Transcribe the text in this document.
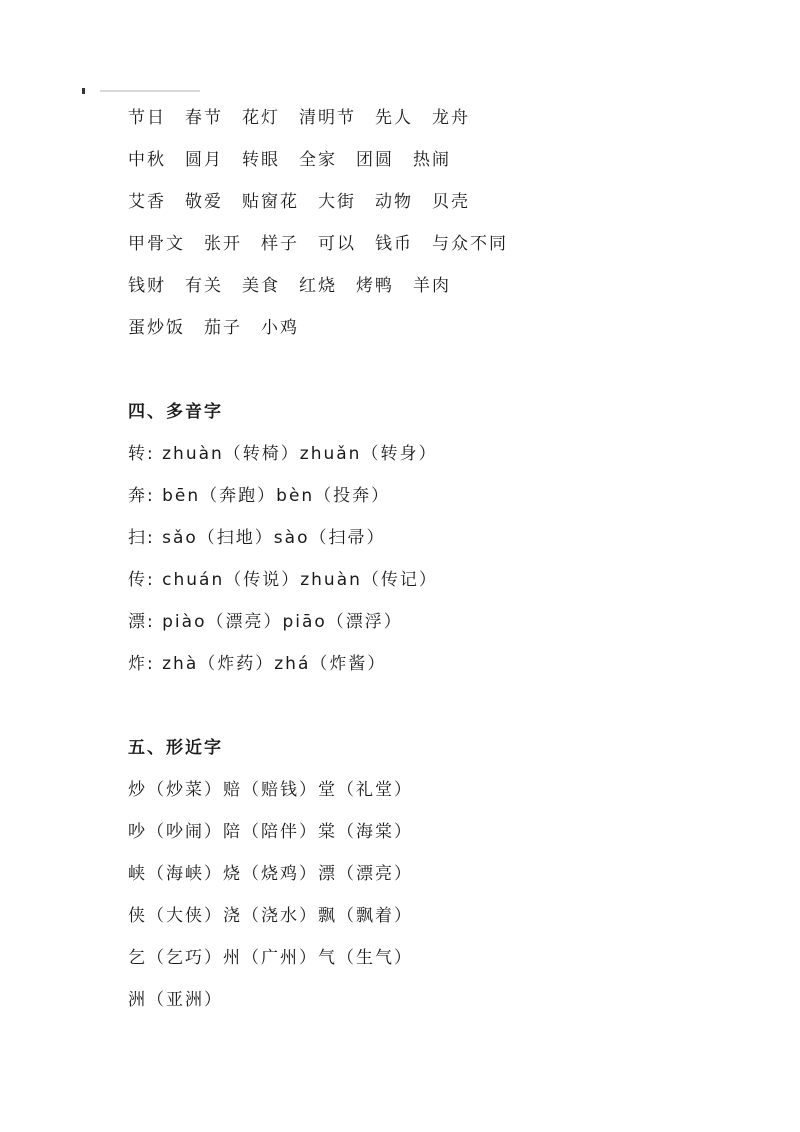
节日 春节 花灯 清明节 先人 龙舟
中秋 圆月 转眼 全家 团圆 热闹
艾香 敬爱 贴窗花 大街 动物 贝壳
甲骨文 张开 样子 可以 钱币 与众不同
钱财 有关 美食 红烧 烤鸭 羊肉
蛋炒饭 茄子 小鸡
四、多音字
转: zhuàn（转椅）zhuǎn（转身）
奔: bēn（奔跑）bèn（投奔）
扫: sǎo（扫地）sào（扫帚）
传: chuán（传说）zhuàn（传记）
漂: piào（漂亮）piāo（漂浮）
炸: zhà（炸药）zhá（炸酱）
五、形近字
炒（炒菜）赔（赔钱）堂（礼堂）
吵（吵闹）陪（陪伴）棠（海棠）
峡（海峡）烧（烧鸡）漂（漂亮）
侠（大侠）浇（浇水）飘（飘着）
乞（乞巧）州（广州）气（生气）
洲（亚洲）
